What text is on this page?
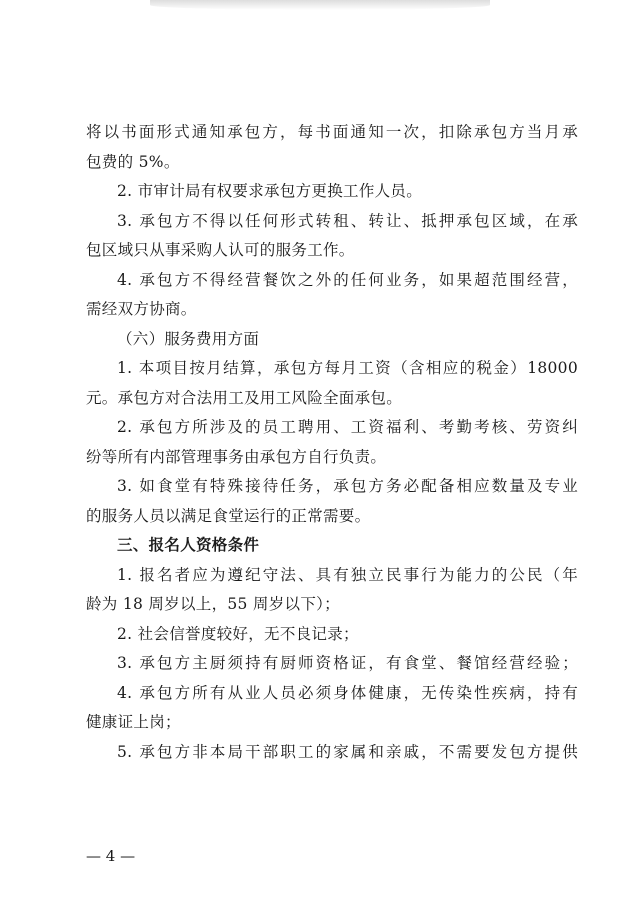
将以书面形式通知承包方，每书面通知一次，扣除承包方当月承
包费的 5%。
2. 市审计局有权要求承包方更换工作人员。
3. 承包方不得以任何形式转租、转让、抵押承包区域，在承
包区域只从事采购人认可的服务工作。
4. 承包方不得经营餐饮之外的任何业务，如果超范围经营，
需经双方协商。
（六）服务费用方面
1. 本项目按月结算，承包方每月工资（含相应的税金）18000
元。承包方对合法用工及用工风险全面承包。
2. 承包方所涉及的员工聘用、工资福利、考勤考核、劳资纠
纷等所有内部管理事务由承包方自行负责。
3. 如食堂有特殊接待任务，承包方务必配备相应数量及专业
的服务人员以满足食堂运行的正常需要。
三、报名人资格条件
1. 报名者应为遵纪守法、具有独立民事行为能力的公民（年
龄为 18 周岁以上，55 周岁以下）；
2. 社会信誉度较好，无不良记录；
3. 承包方主厨须持有厨师资格证，有食堂、餐馆经营经验；
4. 承包方所有从业人员必须身体健康，无传染性疾病，持有
健康证上岗；
5. 承包方非本局干部职工的家属和亲戚，不需要发包方提供
— 4 —
